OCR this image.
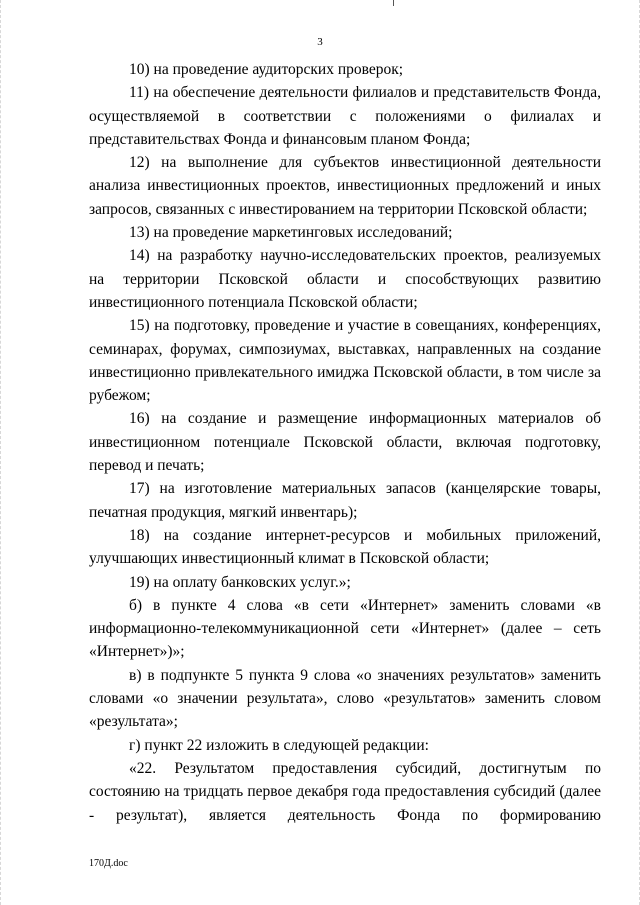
3

10) на проведение аудиторских проверок;

11) на обеспечение деятельности филиалов и представительств Фонда, осуществляемой в соответствии с положениями о филиалах и представительствах Фонда и финансовым планом Фонда;

12) на выполнение для субъектов инвестиционной деятельности анализа инвестиционных проектов, инвестиционных предложений и иных запросов, связанных с инвестированием на территории Псковской области;

13) на проведение маркетинговых исследований;

14) на разработку научно-исследовательских проектов, реализуемых на территории Псковской области и способствующих развитию инвестиционного потенциала Псковской области;

15) на подготовку, проведение и участие в совещаниях, конференциях, семинарах, форумах, симпозиумах, выставках, направленных на создание инвестиционно привлекательного имиджа Псковской области, в том числе за рубежом;

16) на создание и размещение информационных материалов об инвестиционном потенциале Псковской области, включая подготовку, перевод и печать;

17) на изготовление материальных запасов (канцелярские товары, печатная продукция, мягкий инвентарь);

18) на создание интернет-ресурсов и мобильных приложений, улучшающих инвестиционный климат в Псковской области;

19) на оплату банковских услуг.»;

б) в пункте 4 слова «в сети «Интернет» заменить словами «в информационно-телекоммуникационной сети «Интернет» (далее – сеть «Интернет»)»;

в) в подпункте 5 пункта 9 слова «о значениях результатов» заменить словами «о значении результата», слово «результатов» заменить словом «результата»;

г) пункт 22 изложить в следующей редакции:

«22. Результатом предоставления субсидий, достигнутым по состоянию на тридцать первое декабря года предоставления субсидий (далее - результат), является деятельность Фонда по формированию

170Д.doc
